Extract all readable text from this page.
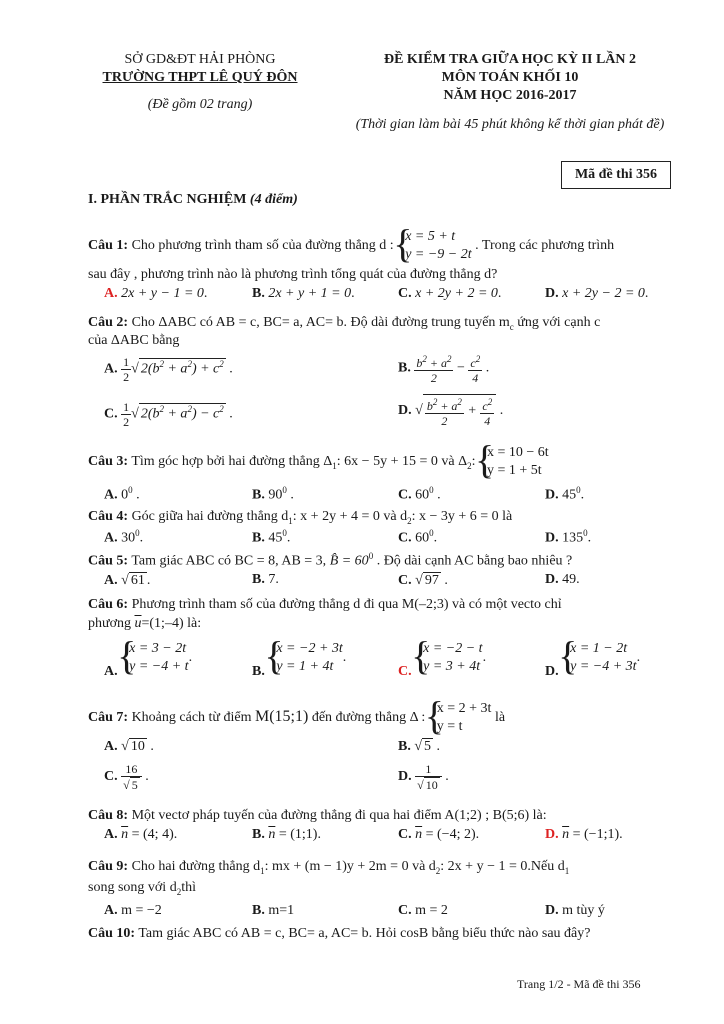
SỞ GD&ĐT HẢI PHÒNG
TRƯỜNG THPT LÊ QUÝ ĐÔN
(Đề gồm 02 trang)
ĐỀ KIỂM TRA GIỮA HỌC KỲ II LẦN 2
MÔN TOÁN KHỐI 10
NĂM HỌC 2016-2017
(Thời gian làm bài 45 phút không kể thời gian phát đề)
Mã đề thi 356
I. PHẦN TRẮC NGHIỆM (4 điểm)
Câu 1: Cho phương trình tham số của đường thẳng d :
{ x = 5 + t
y = −9 − 2t
. Trong các phương trình
sau đây , phương trình nào là phương trình tổng quát của đường thẳng d?
A. 2x + y − 1 = 0.	B. 2x + y + 1 = 0.	C. x + 2y + 2 = 0.	D. x + 2y − 2 = 0.
Câu 2: Cho ΔABC có AB = c, BC= a, AC= b. Độ dài đường trung tuyến $m_c$ ứng với cạnh c
của ΔABC bằng
A. $\frac{1}{2}$ √ $2(b^2 + a^2) + c^2$ .	B. $\frac{b^2 + a^2}{2} - \frac{c^2}{4}$ .
C. $\frac{1}{2}$ √ $2(b^2 + a^2) - c^2$ .	D. √ $\frac{b^2 + a^2}{2} + \frac{c^2}{4}$ .
Câu 3: Tìm góc hợp bởi hai đường thẳng $\Delta_1$: 6x − 5y + 15 = 0 và $\Delta_2$:
{ x = 10 − 6t
y = 1 + 5t
A. $0^0$ .	B. $90^0$ .	C. $60^0$ .	D. $45^0$.
Câu 4: Góc giữa hai đường thẳng $d_1$: x + 2y + 4 = 0 và $d_2$: x − 3y + 6 = 0 là
A. $30^0$.	B. $45^0$.	C. $60^0$.	D. $135^0$.
Câu 5: Tam giác ABC có BC = 8, AB = 3, B̂ = $60^0$ . Độ dài cạnh AC bằng bao nhiêu ?
A. √ 61 .	B. 7.	C. √ 97 .	D. 49.
Câu 6: Phương trình tham số của đường thẳng d đi qua M(–2;3) và có một vecto chỉ
phương $\overline{u}=(1;-4)$ là:
A.
{ x = 3 − 2t
y = −4 + t
.
B.
{ x = −2 + 3t
y = 1 + 4t
.
C.
{ x = −2 − t
y = 3 + 4t
.
D.
{ x = 1 − 2t
y = −4 + 3t
.
Câu 7: Khoảng cách từ điểm M(15;1) đến đường thẳng Δ :
{ x = 2 + 3t
y = t
là
A. √ 10 .	B. √ 5 .
C. $\frac{16}{√ 5}$ .	D. $\frac{1}{√ 10}$ .
Câu 8: Một vectơ pháp tuyến của đường thẳng đi qua hai điểm A(1;2) ; B(5;6) là:
A. $\overline{n} = (4$; 4).	B. $\overline{n}$ = (1;1).	C. $\overline{n} = (-4$; 2).	D. $\overline{n}$ = (−1;1).
Câu 9: Cho hai đường thẳng $d_1$: mx + (m − 1)y + 2m = 0 và $d_2$: 2x + y − 1 = 0.Nếu $d_1$
song song với $d_2thì$
A. m = −2	B. m=1	C. m = 2	D. m tùy ý
Câu 10: Tam giác ABC có AB = c, BC= a, AC= b. Hỏi cosB bằng biểu thức nào sau đây?
Trang 1/2 - Mã đề thi 356
